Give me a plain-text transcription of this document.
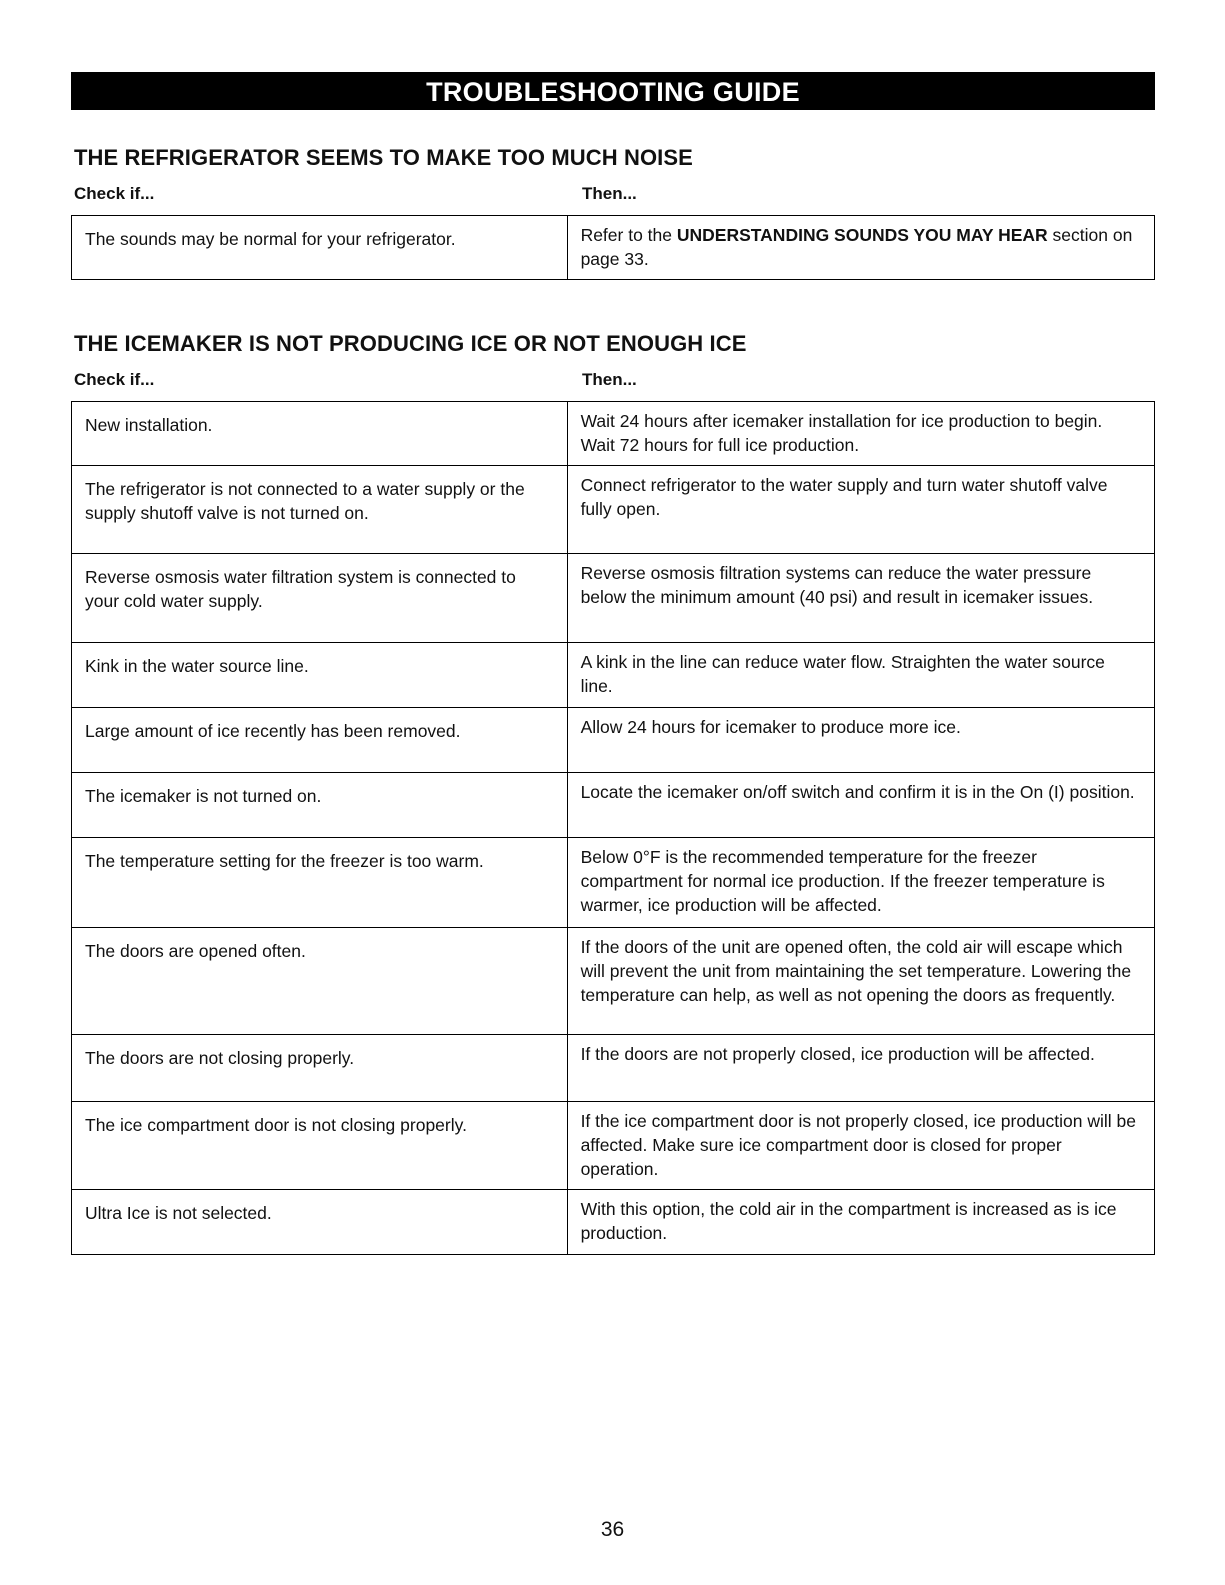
TROUBLESHOOTING GUIDE
THE REFRIGERATOR SEEMS TO MAKE TOO MUCH NOISE
Check if...	Then...
The sounds may be normal for your refrigerator.	Refer to the UNDERSTANDING SOUNDS YOU MAY HEAR section on page 33.
THE ICEMAKER IS NOT PRODUCING ICE OR NOT ENOUGH ICE
Check if...	Then...
New installation.	Wait 24 hours after icemaker installation for ice production to begin. Wait 72 hours for full ice production.
The refrigerator is not connected to a water supply or the supply shutoff valve is not turned on.	Connect refrigerator to the water supply and turn water shutoff valve fully open.
Reverse osmosis water filtration system is connected to your cold water supply.	Reverse osmosis filtration systems can reduce the water pressure below the minimum amount (40 psi) and result in icemaker issues.
Kink in the water source line.	A kink in the line can reduce water flow. Straighten the water source line.
Large amount of ice recently has been removed.	Allow 24 hours for icemaker to produce more ice.
The icemaker is not turned on.	Locate the icemaker on/off switch and confirm it is in the On (I) position.
The temperature setting for the freezer is too warm.	Below 0°F is the recommended temperature for the freezer compartment for normal ice production. If the freezer temperature is warmer, ice production will be affected.
The doors are opened often.	If the doors of the unit are opened often, the cold air will escape which will prevent the unit from maintaining the set temperature. Lowering the temperature can help, as well as not opening the doors as frequently.
The doors are not closing properly.	If the doors are not properly closed, ice production will be affected.
The ice compartment door is not closing properly.	If the ice compartment door is not properly closed, ice production will be affected. Make sure ice compartment door is closed for proper operation.
Ultra Ice is not selected.	With this option, the cold air in the compartment is increased as is ice production.
36
